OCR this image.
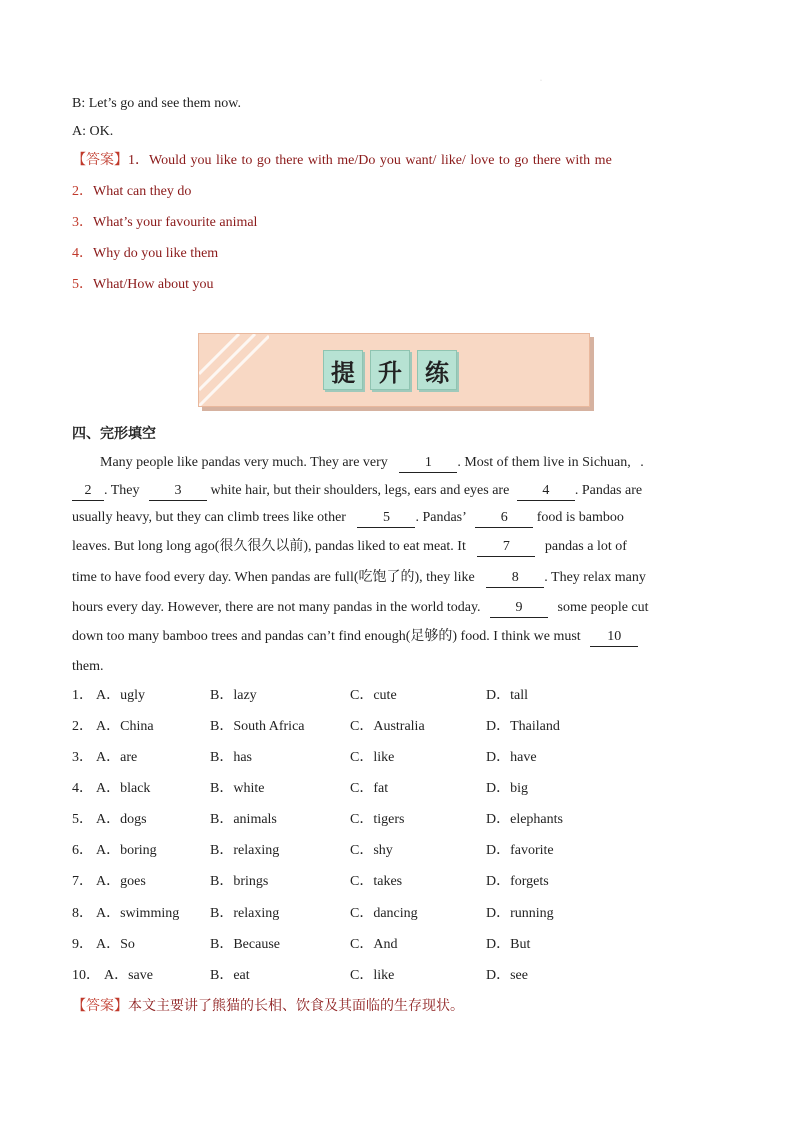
·
B: Let’s go and see them now.
A: OK.
【答案】1．Would you like to go there with me/Do you want/ like/ love to go there with me
2．What can they do
3．What’s your favourite animal
4．Why do you like them
5．What/How about you
提 升 练
四、完形填空
Many people like pandas very much. They are very	1 . Most of them live in Sichuan, .
2 . They	3 white hair, but their shoulders, legs, ears and eyes are 4 . Pandas are
usually heavy, but they can climb trees like other	5 . Pandas’	6 food is bamboo
leaves. But long long ago(很久很久以前), pandas liked to eat meat. It	7	pandas a lot of
time to have food every day. When pandas are full(吃饱了的), they like	8 . They relax many
hours every day. However, there are not many pandas in the world today.	9	some people cut
down too many bamboo trees and pandas can’t find enough(足够的) food. I think we must 10
them.
1． A．ugly	B．lazy	C．cute	D．tall
2． A．China	B．South Africa	C．Australia	D．Thailand
3． A．are	B．has	C．like	D．have
4． A．black	B．white	C．fat	D．big
5． A．dogs	B．animals	C．tigers	D．elephants
6． A．boring	B．relaxing	C．shy	D．favorite
7． A．goes	B．brings	C．takes	D．forgets
8． A．swimming B．relaxing	C．dancing	D．running
9． A．So	B．Because	C．And	D．But
10． A．save	B．eat	C．like	D．see
【答案】本文主要讲了熊猫的长相、饮食及其面临的生存现状。
